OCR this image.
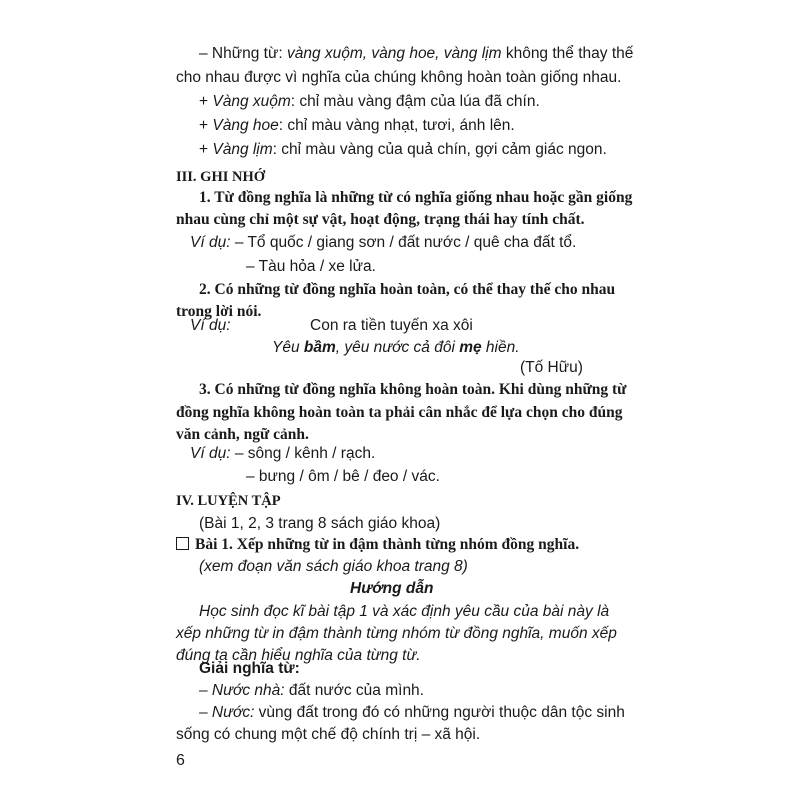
– Những từ: vàng xuộm, vàng hoe, vàng lịm không thể thay thế
cho nhau được vì nghĩa của chúng không hoàn toàn giống nhau.
+ Vàng xuộm: chỉ màu vàng đậm của lúa đã chín.
+ Vàng hoe: chỉ màu vàng nhạt, tươi, ánh lên.
+ Vàng lịm: chỉ màu vàng của quả chín, gợi cảm giác ngon.
III. GHI NHỚ
1. Từ đồng nghĩa là những từ có nghĩa giống nhau hoặc gần giống
nhau cùng chỉ một sự vật, hoạt động, trạng thái hay tính chất.
Ví dụ: – Tổ quốc / giang sơn / đất nước / quê cha đất tổ.
– Tàu hỏa / xe lửa.
2. Có những từ đồng nghĩa hoàn toàn, có thể thay thế cho nhau
trong lời nói.
Ví dụ:	Con ra tiền tuyến xa xôi
Yêu bầm, yêu nước cả đôi mẹ hiền.
(Tố Hữu)
3. Có những từ đồng nghĩa không hoàn toàn. Khi dùng những từ
đồng nghĩa không hoàn toàn ta phải cân nhắc để lựa chọn cho đúng
văn cảnh, ngữ cảnh.
Ví dụ: – sông / kênh / rạch.
– bưng / ôm / bê / đeo / vác.
IV. LUYỆN TẬP
(Bài 1, 2, 3 trang 8 sách giáo khoa)
Bài 1. Xếp những từ in đậm thành từng nhóm đồng nghĩa.
(xem đoạn văn sách giáo khoa trang 8)
Hướng dẫn
Học sinh đọc kĩ bài tập 1 và xác định yêu cầu của bài này là
xếp những từ in đậm thành từng nhóm từ đồng nghĩa, muốn xếp
đúng ta cần hiểu nghĩa của từng từ.
Giải nghĩa từ:
– Nước nhà: đất nước của mình.
– Nước: vùng đất trong đó có những người thuộc dân tộc sinh
sống có chung một chế độ chính trị – xã hội.
6
